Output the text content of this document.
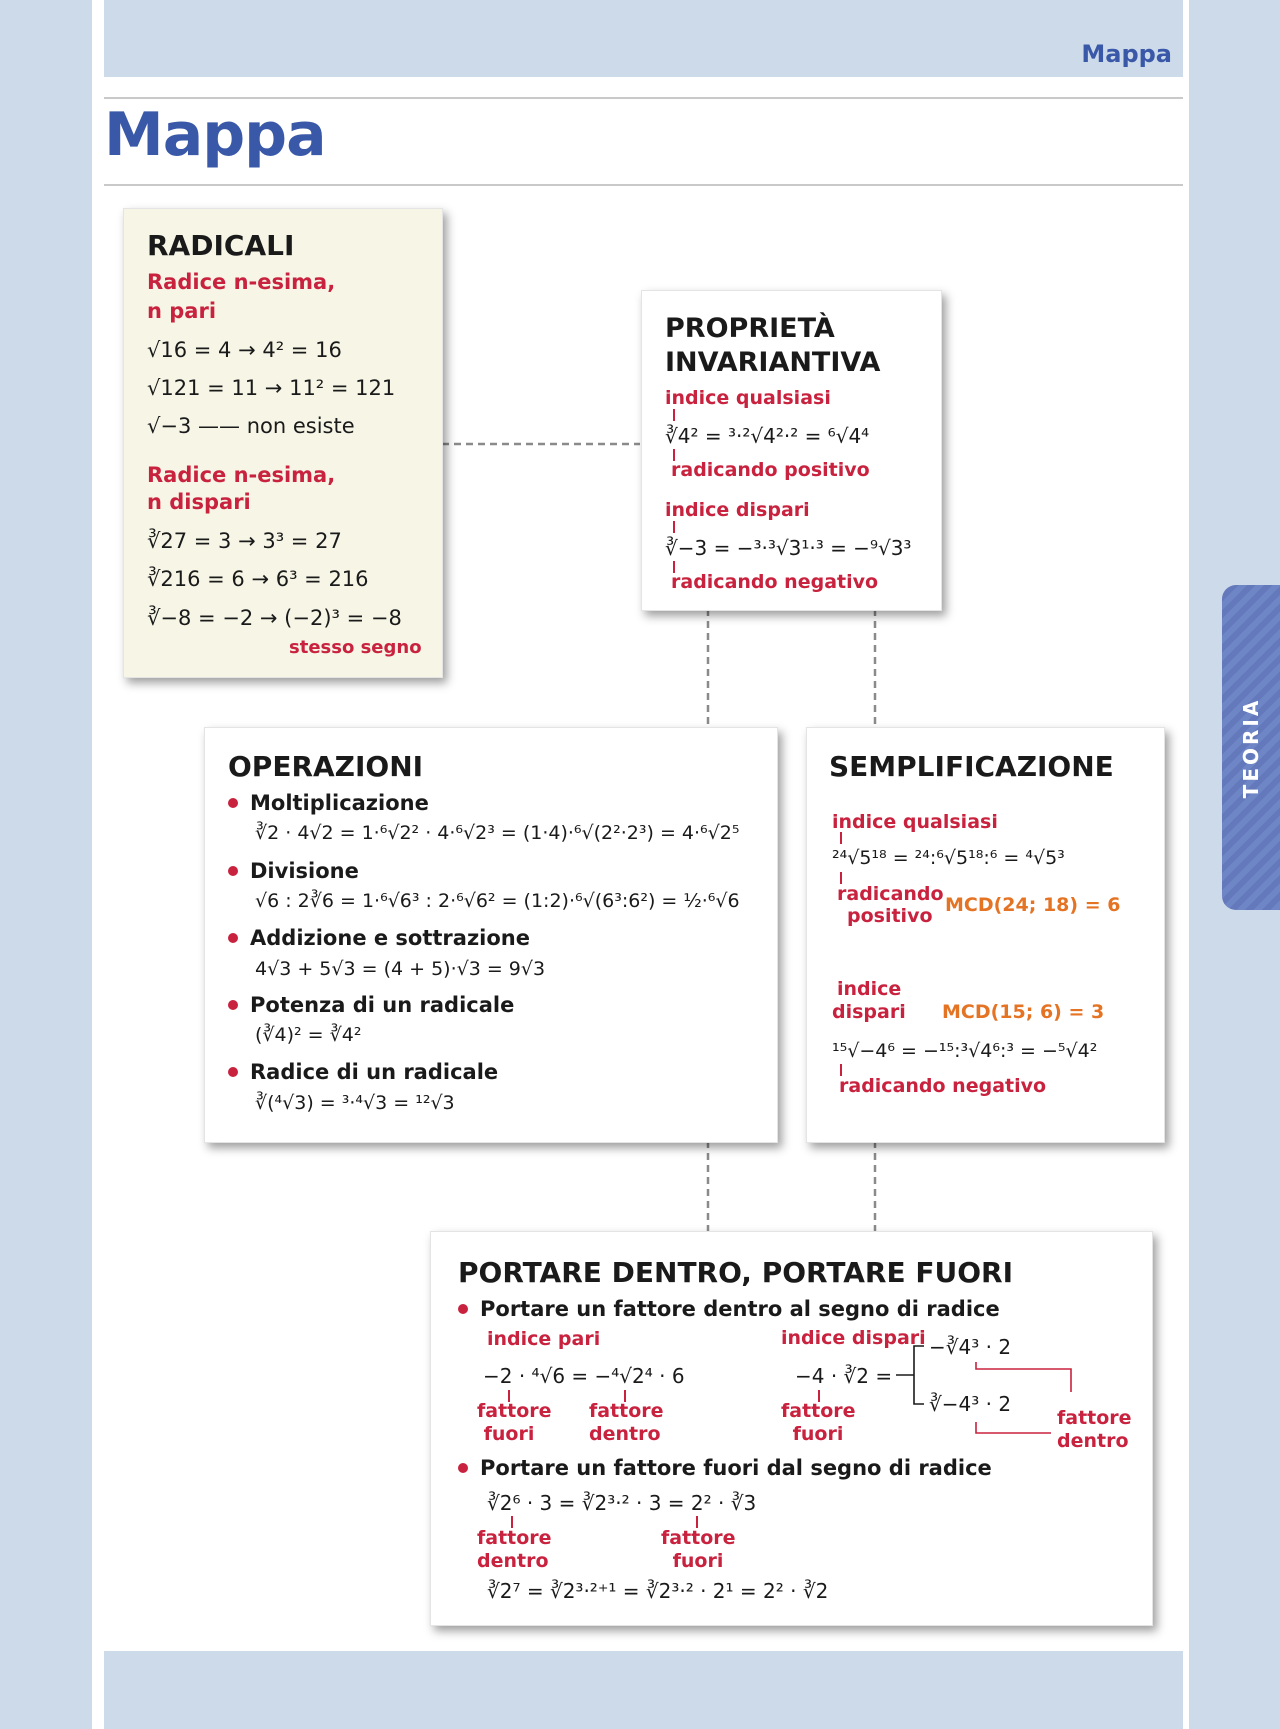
Mappa
Mappa
TEORIA
RADICALI
Radice n-esima,
n pari
√16 = 4 → 4² = 16
√121 = 11 → 11² = 121
√−3 —— non esiste
Radice n-esima,
n dispari
∛27 = 3 → 3³ = 27
∛216 = 6 → 6³ = 216
∛−8 = −2 → (−2)³ = −8
stesso segno
PROPRIETÀ
INVARIANTIVA
indice qualsiasi
∛4² = ³·²√4²·² = ⁶√4⁴
radicando positivo
indice dispari
∛−3 = −³·³√3¹·³ = −⁹√3³
radicando negativo
OPERAZIONI
Moltiplicazione
∛2 · 4√2 = 1·⁶√2² · 4·⁶√2³ = (1·4)·⁶√(2²·2³) = 4·⁶√2⁵
Divisione
√6 : 2∛6 = 1·⁶√6³ : 2·⁶√6² = (1:2)·⁶√(6³:6²) = ½·⁶√6
Addizione e sottrazione
4√3 + 5√3 = (4 + 5)·√3 = 9√3
Potenza di un radicale
(∛4)² = ∛4²
Radice di un radicale
∛(⁴√3) = ³·⁴√3 = ¹²√3
SEMPLIFICAZIONE
indice qualsiasi
²⁴√5¹⁸ = ²⁴:⁶√5¹⁸:⁶ = ⁴√5³
radicando
positivo MCD(24; 18) = 6
indice
dispari MCD(15; 6) = 3
¹⁵√−4⁶ = −¹⁵:³√4⁶:³ = −⁵√4²
radicando negativo
PORTARE DENTRO, PORTARE FUORI
Portare un fattore dentro al segno di radice
indice pari
−2 · ⁴√6 = −⁴√2⁴ · 6
fattore fuori
fattore dentro
indice dispari
−4 · ∛2 =
fattore fuori
−∛4³ · 2
∛−4³ · 2
fattore dentro
Portare un fattore fuori dal segno di radice
∛2⁶ · 3 = ∛2³·² · 3 = 2² · ∛3
fattore dentro
fattore fuori
∛2⁷ = ∛2³·²⁺¹ = ∛2³·² · 2¹ = 2² · ∛2
